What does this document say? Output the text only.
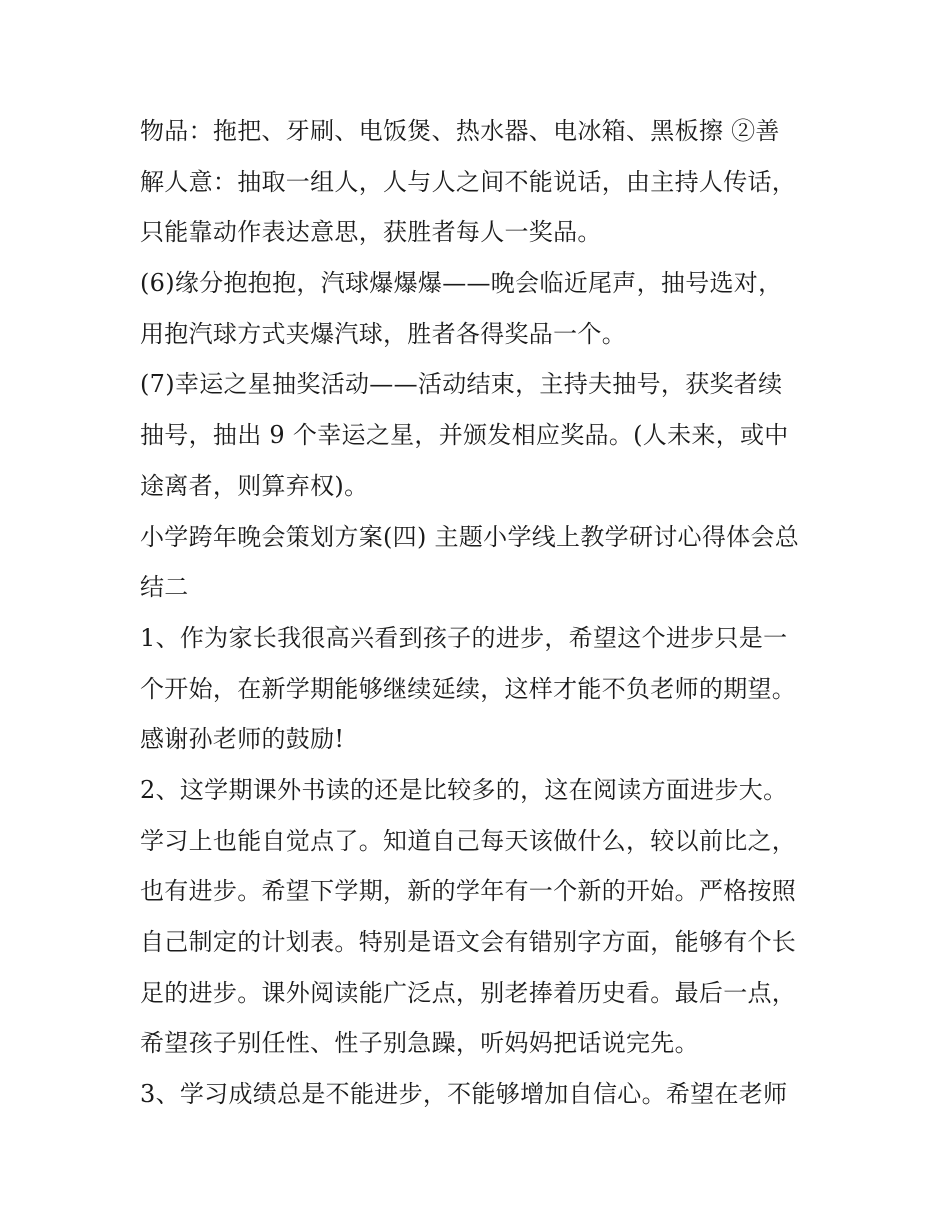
物品：拖把、牙刷、电饭煲、热水器、电冰箱、黑板擦 ②善
解人意：抽取一组人，人与人之间不能说话，由主持人传话，
只能靠动作表达意思，获胜者每人一奖品。
(6)缘分抱抱抱，汽球爆爆爆——晚会临近尾声，抽号选对，
用抱汽球方式夹爆汽球，胜者各得奖品一个。
(7)幸运之星抽奖活动——活动结束，主持夫抽号，获奖者续
抽号，抽出 9 个幸运之星，并颁发相应奖品。(人未来，或中
途离者，则算弃权)。
小学跨年晚会策划方案(四) 主题小学线上教学研讨心得体会总
结二
1、作为家长我很高兴看到孩子的进步，希望这个进步只是一
个开始，在新学期能够继续延续，这样才能不负老师的期望。
感谢孙老师的鼓励!
2、这学期课外书读的还是比较多的，这在阅读方面进步大。
学习上也能自觉点了。知道自己每天该做什么，较以前比之，
也有进步。希望下学期，新的学年有一个新的开始。严格按照
自己制定的计划表。特别是语文会有错别字方面，能够有个长
足的进步。课外阅读能广泛点，别老捧着历史看。最后一点，
希望孩子别任性、性子别急躁，听妈妈把话说完先。
3、学习成绩总是不能进步，不能够增加自信心。希望在老师
